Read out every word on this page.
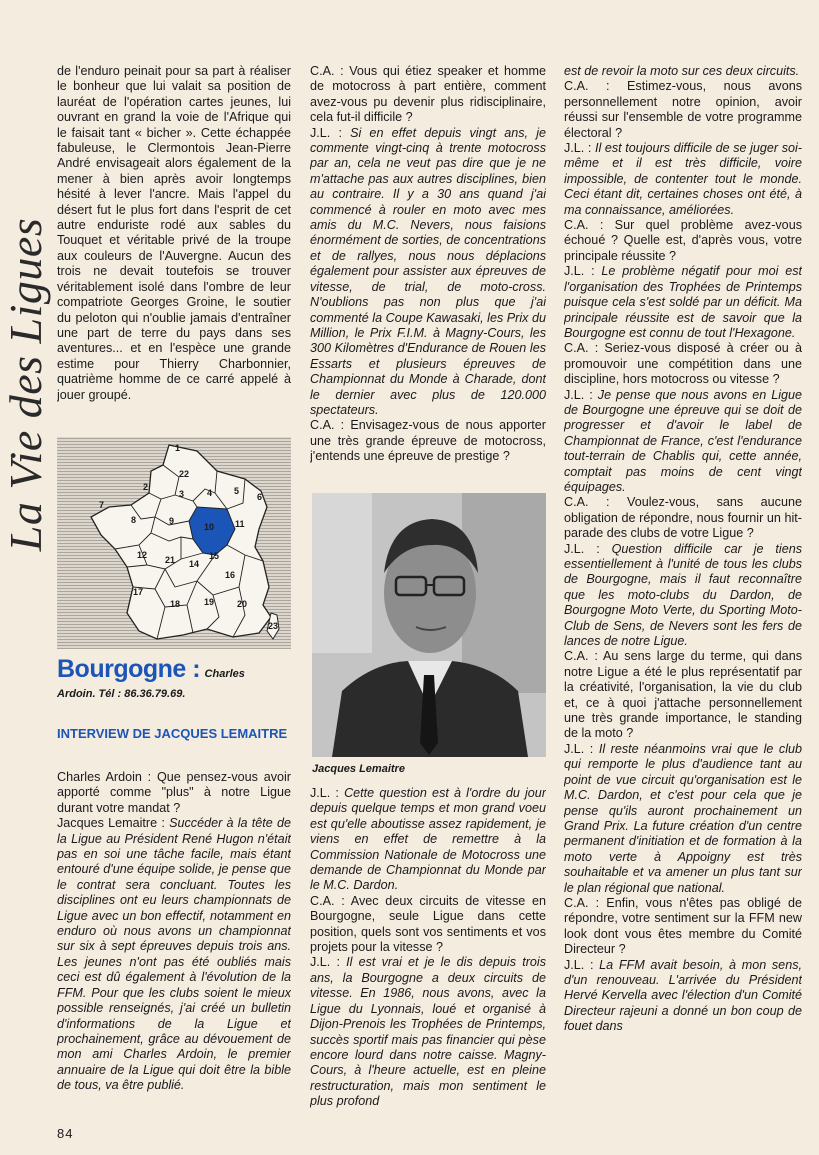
La Vie des Ligues

de l'enduro peinait pour sa part à réaliser le bonheur que lui valait sa position de lauréat de l'opération cartes jeunes, lui ouvrant en grand la voie de l'Afrique qui le faisait tant « bicher ». Cette échappée fabuleuse, le Clermontois Jean-Pierre André envisageait alors également de la mener à bien après avoir longtemps hésité à lever l'ancre. Mais l'appel du désert fut le plus fort dans l'esprit de cet autre enduriste rodé aux sables du Touquet et véritable privé de la troupe aux couleurs de l'Auvergne. Aucun des trois ne devait toutefois se trouver véritablement isolé dans l'ombre de leur compatriote Georges Groine, le soutier du peloton qui n'oublie jamais d'entraîner une part de terre du pays dans ses aventures... et en l'espèce une grande estime pour Thierry Charbonnier, quatrième homme de ce carré appelé à jouer groupé.

1
22
2
3	4 5
6
7
8	9
10 11
12 21 14
15
16
17
18	19	20
23
Bourgogne : Charles
Ardoin. Tél : 86.36.79.69.
INTERVIEW DE JACQUES LEMAITRE

Charles Ardoin : Que pensez-vous avoir apporté comme "plus" à notre Ligue durant votre mandat ?

Jacques Lemaitre : Succéder à la tête de la Ligue au Président René Hugon n'était pas en soi une tâche facile, mais étant entouré d'une équipe solide, je pense que le contrat sera concluant. Toutes les disciplines ont eu leurs championnats de Ligue avec un bon effectif, notamment en enduro où nous avons un championnat sur six à sept épreuves depuis trois ans. Les jeunes n'ont pas été oubliés mais ceci est dû également à l'évolution de la FFM. Pour que les clubs soient le mieux possible renseignés, j'ai créé un bulletin d'informations de la Ligue et prochainement, grâce au dévouement de mon ami Charles Ardoin, le premier annuaire de la Ligue qui doit être la bible de tous, va être publié.

C.A. : Vous qui étiez speaker et homme de motocross à part entière, comment avez-vous pu devenir plus ridisciplinaire, cela fut-il difficile ?

J.L. : Si en effet depuis vingt ans, je commente vingt-cinq à trente motocross par an, cela ne veut pas dire que je ne m'attache pas aux autres disciplines, bien au contraire. Il y a 30 ans quand j'ai commencé à rouler en moto avec mes amis du M.C. Nevers, nous faisions énormément de sorties, de concentrations et de rallyes, nous nous déplacions également pour assister aux épreuves de vitesse, de trial, de moto-cross. N'oublions pas non plus que j'ai commenté la Coupe Kawasaki, les Prix du Million, le Prix F.I.M. à Magny-Cours, les 300 Kilomètres d'Endurance de Rouen les Essarts et plusieurs épreuves de Championnat du Monde à Charade, dont le dernier avec plus de 120.000 spectateurs.

C.A. : Envisagez-vous de nous apporter une très grande épreuve de motocross, j'entends une épreuve de prestige ?

Jacques Lemaitre

J.L. : Cette question est à l'ordre du jour depuis quelque temps et mon grand voeu est qu'elle aboutisse assez rapidement, je viens en effet de remettre à la Commission Nationale de Motocross une demande de Championnat du Monde par le M.C. Dardon.

C.A. : Avec deux circuits de vitesse en Bourgogne, seule Ligue dans cette position, quels sont vos sentiments et vos projets pour la vitesse ?

J.L. : Il est vrai et je le dis depuis trois ans, la Bourgogne a deux circuits de vitesse. En 1986, nous avons, avec la Ligue du Lyonnais, loué et organisé à Dijon-Prenois les Trophées de Printemps, succès sportif mais pas financier qui pèse encore lourd dans notre caisse. Magny-Cours, à l'heure actuelle, est en pleine restructuration, mais mon sentiment le plus profond

est de revoir la moto sur ces deux circuits.

C.A. : Estimez-vous, nous avons personnellement notre opinion, avoir réussi sur l'ensemble de votre programme électoral ?

J.L. : Il est toujours difficile de se juger soi-même et il est très difficile, voire impossible, de contenter tout le monde. Ceci étant dit, certaines choses ont été, à ma connaissance, améliorées.

C.A. : Sur quel problème avez-vous échoué ? Quelle est, d'après vous, votre principale réussite ?

J.L. : Le problème négatif pour moi est l'organisation des Trophées de Printemps puisque cela s'est soldé par un déficit. Ma principale réussite est de savoir que la Bourgogne est connu de tout l'Hexagone.

C.A. : Seriez-vous disposé à créer ou à promouvoir une compétition dans une discipline, hors motocross ou vitesse ?

J.L. : Je pense que nous avons en Ligue de Bourgogne une épreuve qui se doit de progresser et d'avoir le label de Championnat de France, c'est l'endurance tout-terrain de Chablis qui, cette année, comptait pas moins de cent vingt équipages.

C.A. : Voulez-vous, sans aucune obligation de répondre, nous fournir un hit-parade des clubs de votre Ligue ?

J.L. : Question difficile car je tiens essentiellement à l'unité de tous les clubs de Bourgogne, mais il faut reconnaître que les moto-clubs du Dardon, de Bourgogne Moto Verte, du Sporting Moto-Club de Sens, de Nevers sont les fers de lances de notre Ligue.

C.A. : Au sens large du terme, qui dans notre Ligue a été le plus représentatif par la créativité, l'organisation, la vie du club et, ce à quoi j'attache personnellement une très grande importance, le standing de la moto ?

J.L. : Il reste néanmoins vrai que le club qui remporte le plus d'audience tant au point de vue circuit qu'organisation est le M.C. Dardon, et c'est pour cela que je pense qu'ils auront prochainement un Grand Prix. La future création d'un centre permanent d'initiation et de formation à la moto verte à Appoigny est très souhaitable et va amener un plus tant sur le plan régional que national.

C.A. : Enfin, vous n'êtes pas obligé de répondre, votre sentiment sur la FFM new look dont vous êtes membre du Comité Directeur ?

J.L. : La FFM avait besoin, à mon sens, d'un renouveau. L'arrivée du Président Hervé Kervella avec l'élection d'un Comité Directeur rajeuni a donné un bon coup de fouet dans

84
